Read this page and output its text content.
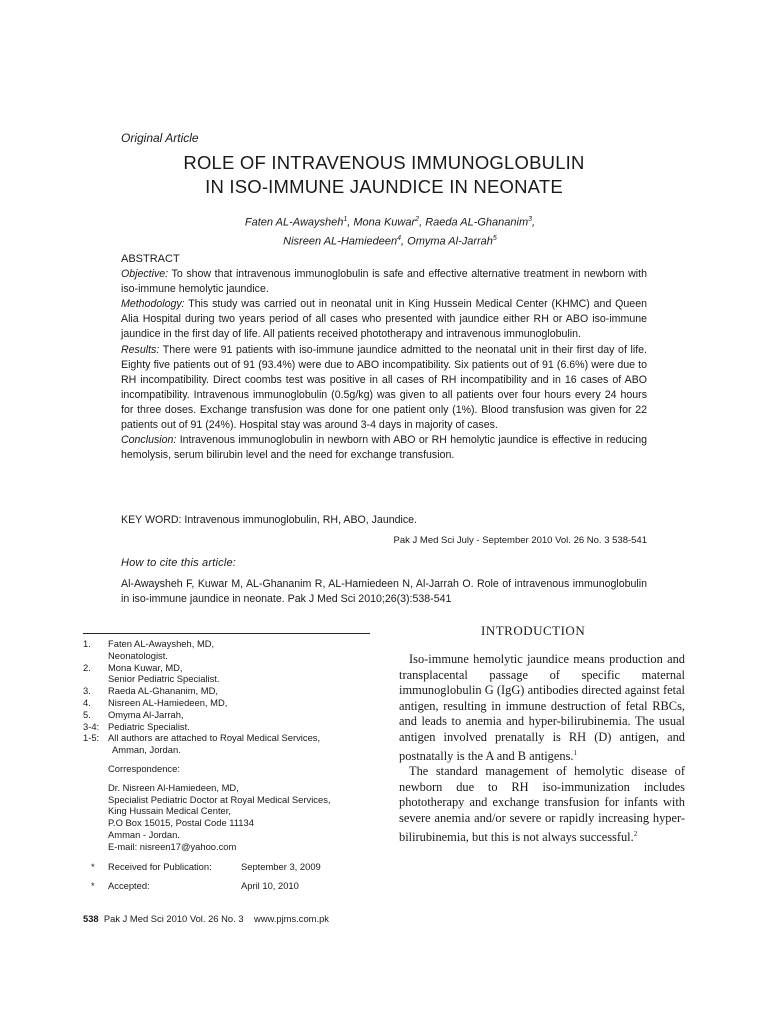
Original Article
ROLE OF INTRAVENOUS IMMUNOGLOBULIN
IN ISO-IMMUNE JAUNDICE IN NEONATE
Faten AL-Awaysheh$^1$, Mona Kuwar$^2$, Raeda AL-Ghananim$^3$,
Nisreen AL-Hamiedeen$^4$, Omyma Al-Jarrah$^5$

ABSTRACT

Objective: To show that intravenous immunoglobulin is safe and effective alternative treatment in newborn with iso-immune hemolytic jaundice.

Methodology: This study was carried out in neonatal unit in King Hussein Medical Center (KHMC) and Queen Alia Hospital during two years period of all cases who presented with jaundice either RH or ABO iso-immune jaundice in the first day of life. All patients received phototherapy and intravenous immunoglobulin.

Results: There were 91 patients with iso-immune jaundice admitted to the neonatal unit in their first day of life. Eighty five patients out of 91 (93.4%) were due to ABO incompatibility. Six patients out of 91 (6.6%) were due to RH incompatibility. Direct coombs test was positive in all cases of RH incompatibility and in 16 cases of ABO incompatibility. Intravenous immunoglobulin (0.5g/kg) was given to all patients over four hours every 24 hours for three doses. Exchange transfusion was done for one patient only (1%). Blood transfusion was given for 22 patients out of 91 (24%). Hospital stay was around 3-4 days in majority of cases.

Conclusion: Intravenous immunoglobulin in newborn with ABO or RH hemolytic jaundice is effective in reducing hemolysis, serum bilirubin level and the need for exchange transfusion.

KEY WORD: Intravenous immunoglobulin, RH, ABO, Jaundice.
Pak J Med Sci July - September 2010 Vol. 26 No. 3 538-541
How to cite this article:
Al-Awaysheh F, Kuwar M, AL-Ghananim R, AL-Hamiedeen N, Al-Jarrah O. Role of intravenous immunoglobulin in iso-immune jaundice in neonate. Pak J Med Sci 2010;26(3):538-541
1. Faten AL-Awaysheh, MD,
Neonatologist.
2. Mona Kuwar, MD,
Senior Pediatric Specialist.
3. Raeda AL-Ghananim, MD,
4. Nisreen AL-Hamiedeen, MD,
5. Omyma Al-Jarrah,
3-4: Pediatric Specialist.
1-5: All authors are attached to Royal Medical Services,
Amman, Jordan.
Correspondence:
Dr. Nisreen Al-Hamiedeen, MD,
Specialist Pediatric Doctor at Royal Medical Services,
King Hussain Medical Center,
P.O Box 15015, Postal Code 11134
Amman - Jordan.
E-mail: nisreen17@yahoo.com
* Received for Publication:	September 3, 2009
* Accepted:	April 10, 2010
INTRODUCTION

Iso-immune hemolytic jaundice means production and transplacental passage of specific maternal immunoglobulin G (IgG) antibodies directed against fetal antigen, resulting in immune destruction of fetal RBCs, and leads to anemia and hyper-bilirubinemia. The usual antigen involved prenatally is RH (D) antigen, and postnatally is the A and B antigens.$^1$

The standard management of hemolytic disease of newborn due to RH iso-immunization includes phototherapy and exchange transfusion for infants with severe anemia and/or severe or rapidly increasing hyper-bilirubinemia, but this is not always successful.$^2$

538 Pak J Med Sci 2010 Vol. 26 No. 3 www.pjms.com.pk
